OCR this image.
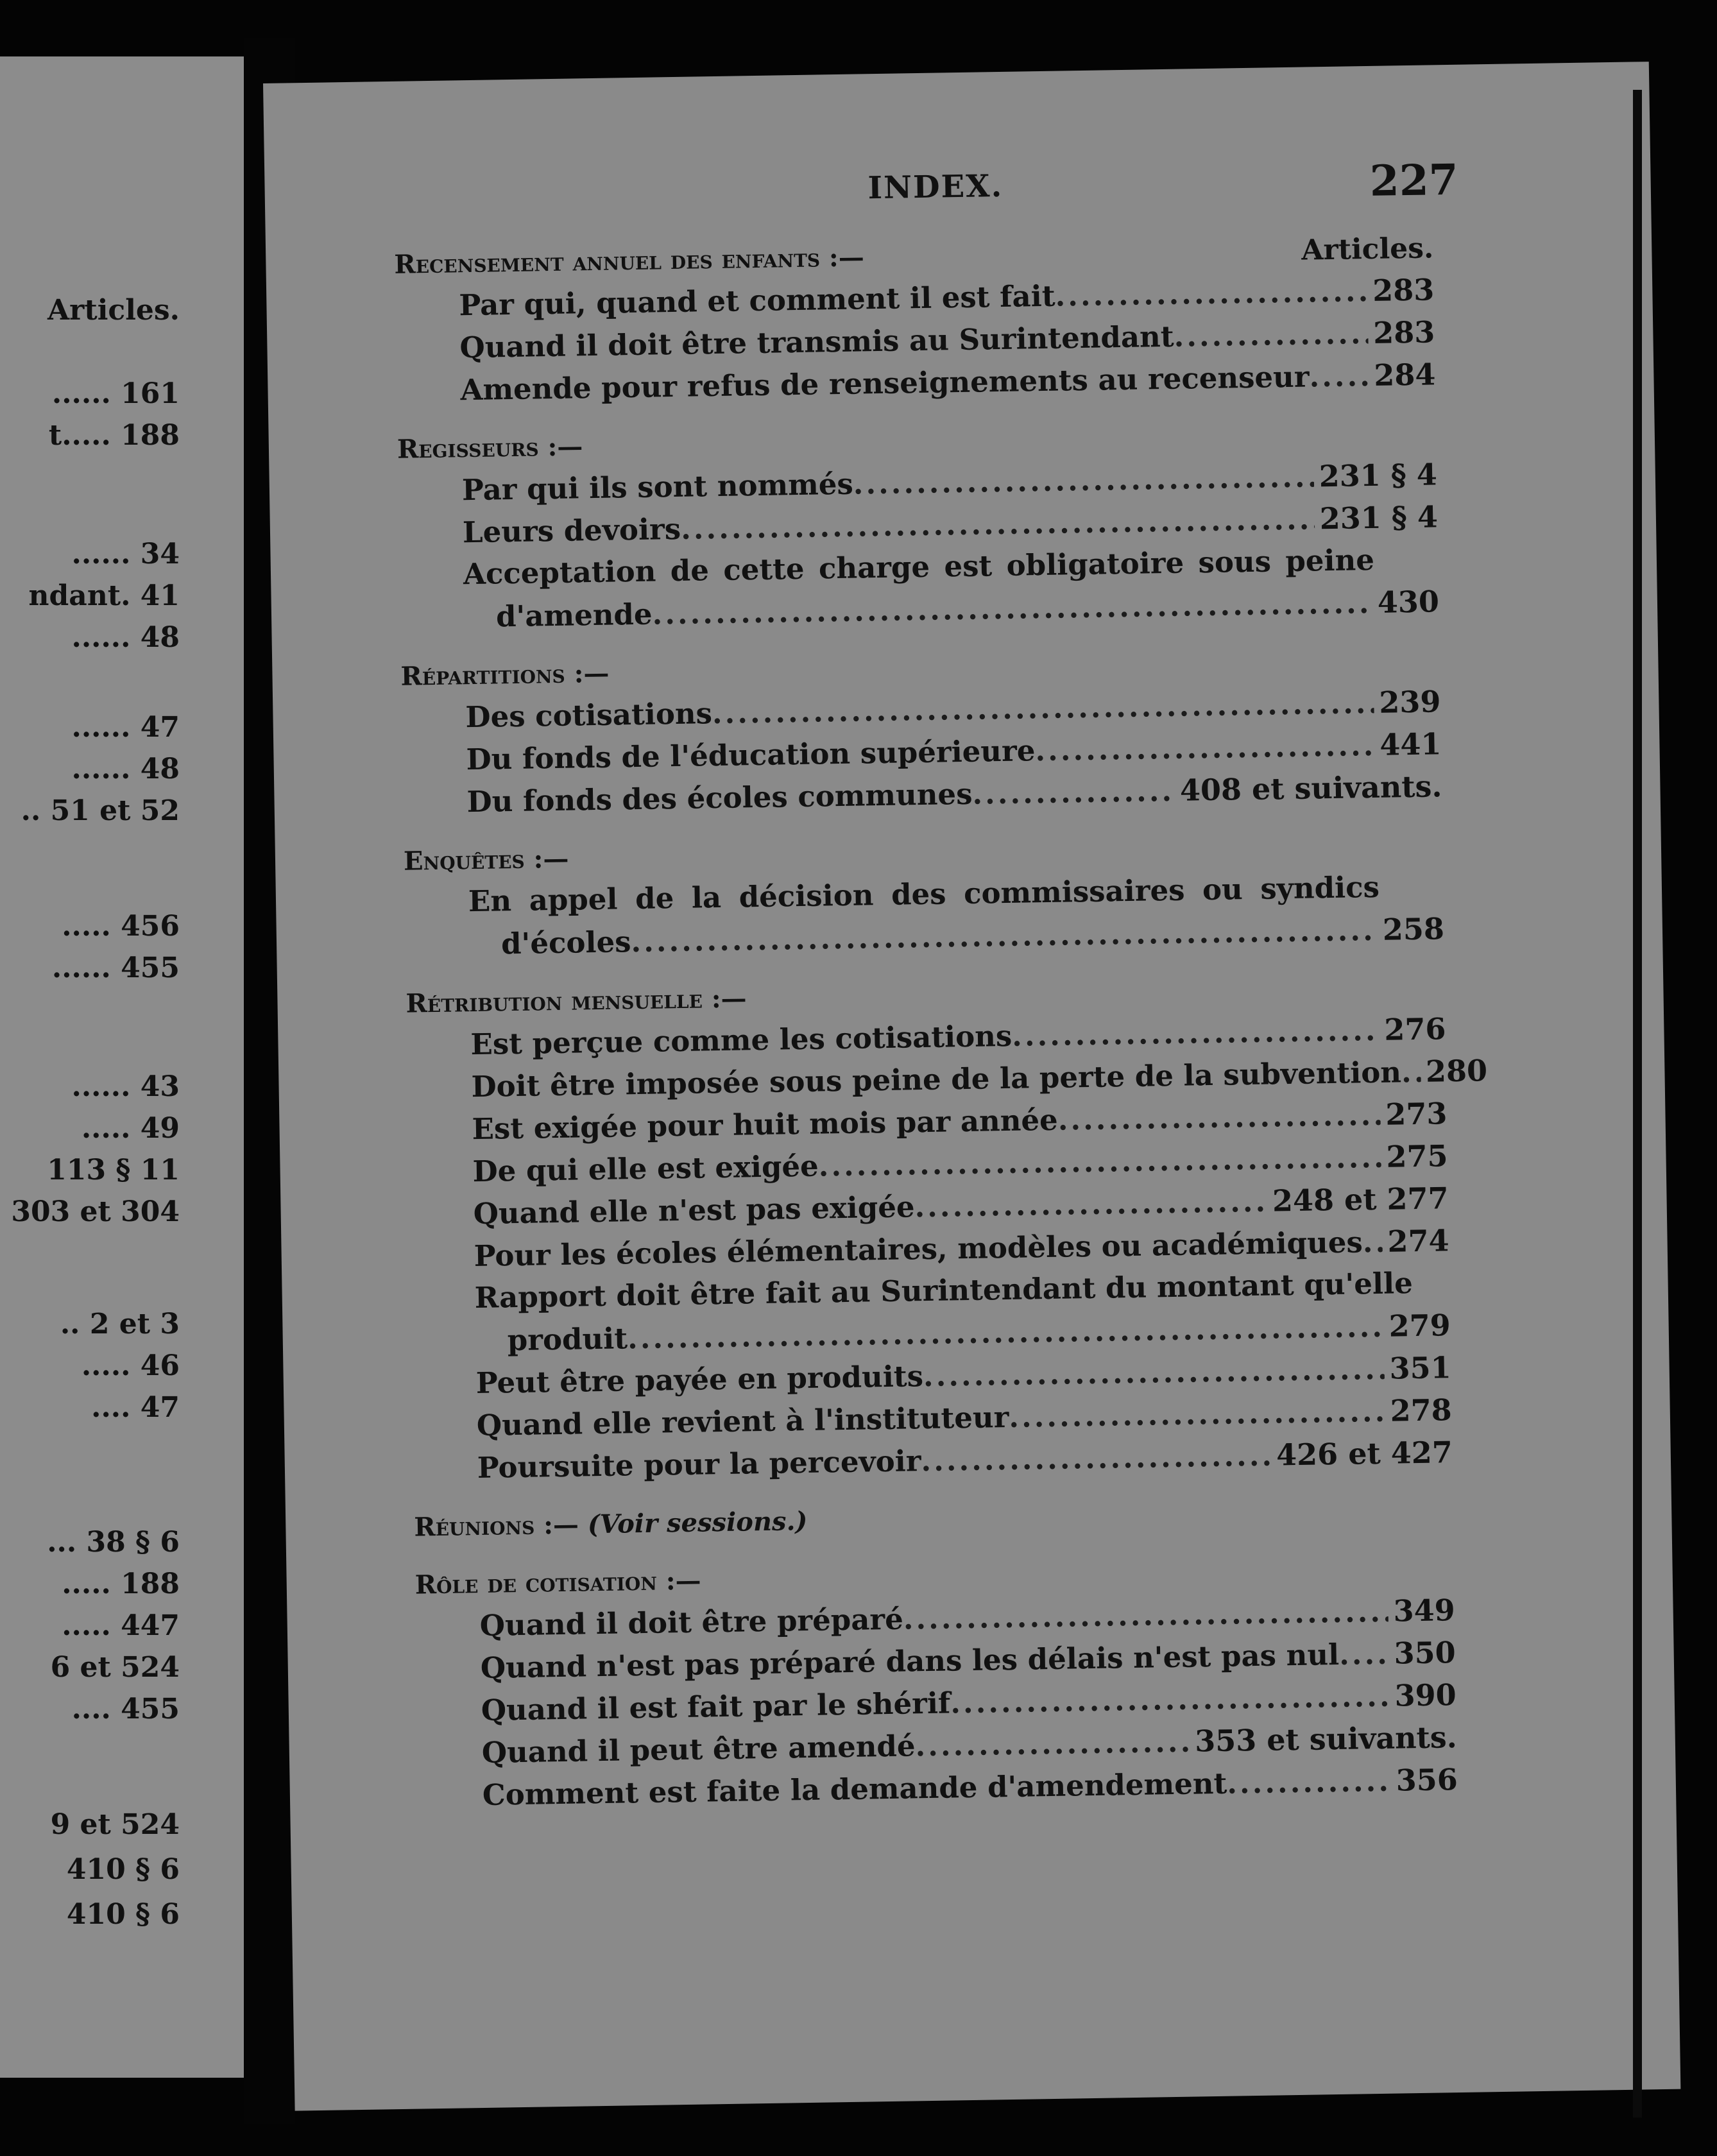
Articles.
...... 161
t..... 188
...... 34
ndant. 41
...... 48
...... 47
...... 48
.. 51 et 52
..... 456
...... 455
...... 43
..... 49
113 § 11
303 et 304
.. 2 et 3
..... 46
.... 47
... 38 § 6
..... 188
..... 447
6 et 524
.... 455
9 et 524
410 § 6
410 § 6
INDEX.	227
Recensement annuel des enfants :—	Articles.
Par qui, quand et comment il est fait .....	283
Quand il doit être transmis au Surintendant .....	283
Amende pour refus de renseignements au recenseur ..... 284
Regisseurs :—
Par qui ils sont nommés .....	231 § 4
Leurs devoirs .....	231 § 4
Acceptation de cette charge est obligatoire sous peine
d'amende .....	430
Répartitions :—
Des cotisations .....	239
Du fonds de l'éducation supérieure .....	441
Du fonds des écoles communes .....	408 et suivants.
Enquêtes :—
En appel de la décision des commissaires ou syndics
d'écoles .....	258
Rétribution mensuelle :—
Est perçue comme les cotisations .....	276
Doit être imposée sous peine de la perte de la subvention ..... 280
Est exigée pour huit mois par année .....	273
De qui elle est exigée .....	275
Quand elle n'est pas exigée .....	248 et 277
Pour les écoles élémentaires, modèles ou académiques ..... 274
Rapport doit être fait au Surintendant du montant qu'elle
produit .....	279
Peut être payée en produits .....	351
Quand elle revient à l'instituteur .....	278
Poursuite pour la percevoir .....	426 et 427
Réunions :— (Voir sessions.)
Rôle de cotisation :—
Quand il doit être préparé .....	349
Quand n'est pas préparé dans les délais n'est pas nul ..... 350
Quand il est fait par le shérif .....	390
Quand il peut être amendé .....	353 et suivants.
Comment est faite la demande d'amendement .....	356
